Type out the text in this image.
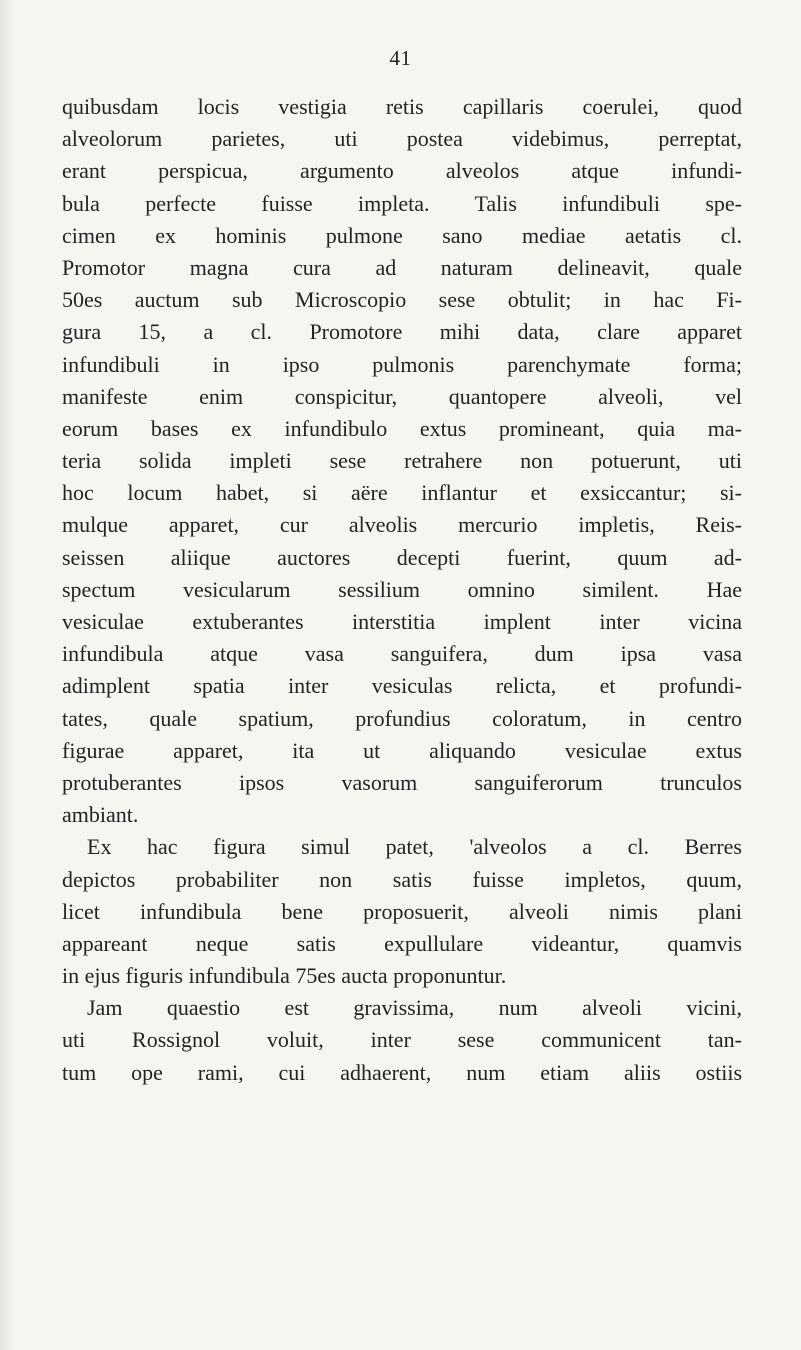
41
quibusdam locis vestigia retis capillaris coerulei, quod
alveolorum parietes, uti postea videbimus, perreptat,
erant perspicua, argumento alveolos atque infundi-
bula perfecte fuisse impleta. Talis infundibuli spe-
cimen ex hominis pulmone sano mediae aetatis cl.
Promotor magna cura ad naturam delineavit, quale
50es auctum sub Microscopio sese obtulit; in hac Fi-
gura 15, a cl. Promotore mihi data, clare apparet
infundibuli in ipso pulmonis parenchymate forma;
manifeste enim conspicitur, quantopere alveoli, vel
eorum bases ex infundibulo extus promineant, quia ma-
teria solida impleti sese retrahere non potuerunt, uti
hoc locum habet, si aëre inflantur et exsiccantur; si-
mulque apparet, cur alveolis mercurio impletis, Reis-
seissen aliique auctores decepti fuerint, quum ad-
spectum vesicularum sessilium omnino similent. Hae
vesiculae extuberantes interstitia implent inter vicina
infundibula atque vasa sanguifera, dum ipsa vasa
adimplent spatia inter vesiculas relicta, et profundi-
tates, quale spatium, profundius coloratum, in centro
figurae apparet, ita ut aliquando vesiculae extus
protuberantes ipsos vasorum sanguiferorum trunculos
ambiant.
Ex hac figura simul patet, 'alveolos a cl. Berres
depictos probabiliter non satis fuisse impletos, quum,
licet infundibula bene proposuerit, alveoli nimis plani
appareant neque satis expullulare videantur, quamvis
in ejus figuris infundibula 75es aucta proponuntur.
Jam quaestio est gravissima, num alveoli vicini,
uti Rossignol voluit, inter sese communicent tan-
tum ope rami, cui adhaerent, num etiam aliis ostiis
